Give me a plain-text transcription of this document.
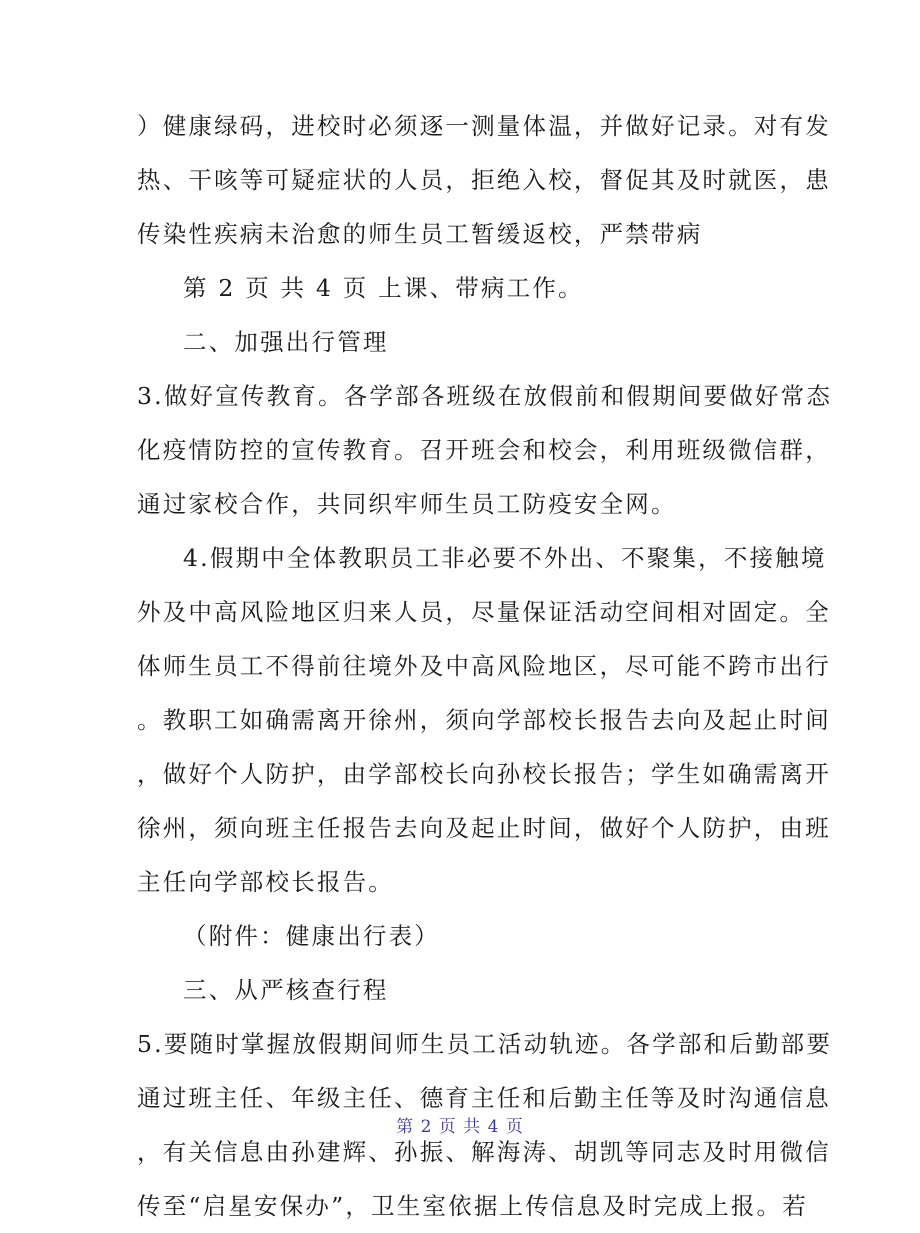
）健康绿码，进校时必须逐一测量体温，并做好记录。对有发
热、干咳等可疑症状的人员，拒绝入校，督促其及时就医，患
传染性疾病未治愈的师生员工暂缓返校，严禁带病
第 2 页 共 4 页 上课、带病工作。
二、加强出行管理
3.做好宣传教育。各学部各班级在放假前和假期间要做好常态
化疫情防控的宣传教育。召开班会和校会，利用班级微信群，
通过家校合作，共同织牢师生员工防疫安全网。
4.假期中全体教职员工非必要不外出、不聚集，不接触境
外及中高风险地区归来人员，尽量保证活动空间相对固定。全
体师生员工不得前往境外及中高风险地区，尽可能不跨市出行
。教职工如确需离开徐州，须向学部校长报告去向及起止时间
，做好个人防护，由学部校长向孙校长报告；学生如确需离开
徐州，须向班主任报告去向及起止时间，做好个人防护，由班
主任向学部校长报告。
（附件：健康出行表）
三、从严核查行程
5.要随时掌握放假期间师生员工活动轨迹。各学部和后勤部要
通过班主任、年级主任、德育主任和后勤主任等及时沟通信息
，有关信息由孙建辉、孙振、解海涛、胡凯等同志及时用微信
传至“启星安保办”，卫生室依据上传信息及时完成上报。若
第 2 页 共 4 页
